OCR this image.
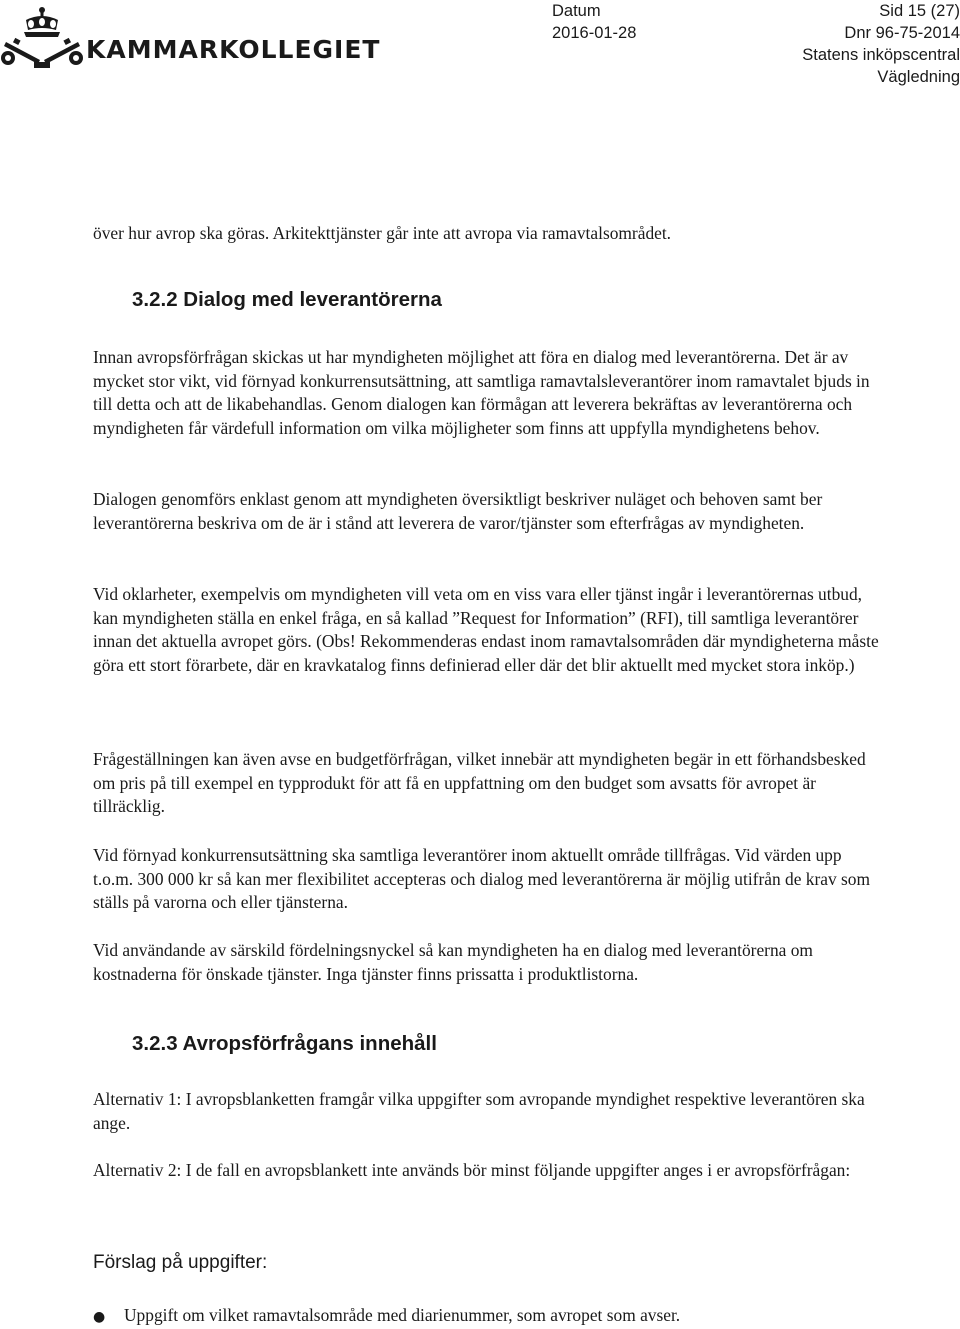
KAMMARKOLLEGIET
Datum
2016-01-28
Sid 15 (27)
Dnr 96-75-2014
Statens inköpscentral
Vägledning

över hur avrop ska göras. Arkitekttjänster går inte att avropa via ramavtalsområdet.

3.2.2 Dialog med leverantörerna

Innan avropsförfrågan skickas ut har myndigheten möjlighet att föra en dialog med leverantörerna. Det är av mycket stor vikt, vid förnyad konkurrensutsättning, att samtliga ramavtalsleverantörer inom ramavtalet bjuds in till detta och att de likabehandlas. Genom dialogen kan förmågan att leverera bekräftas av leverantörerna och myndigheten får värdefull information om vilka möjligheter som finns att uppfylla myndighetens behov.

Dialogen genomförs enklast genom att myndigheten översiktligt beskriver nuläget och behoven samt ber leverantörerna beskriva om de är i stånd att leverera de varor/tjänster som efterfrågas av myndigheten.

Vid oklarheter, exempelvis om myndigheten vill veta om en viss vara eller tjänst ingår i leverantörernas utbud, kan myndigheten ställa en enkel fråga, en så kallad ”Request for Information” (RFI), till samtliga leverantörer innan det aktuella avropet görs. (Obs! Rekommenderas endast inom ramavtalsområden där myndigheterna måste göra ett stort förarbete, där en kravkatalog finns definierad eller där det blir aktuellt med mycket stora inköp.)

Frågeställningen kan även avse en budgetförfrågan, vilket innebär att myndigheten begär in ett förhandsbesked om pris på till exempel en typprodukt för att få en uppfattning om den budget som avsatts för avropet är tillräcklig.

Vid förnyad konkurrensutsättning ska samtliga leverantörer inom aktuellt område tillfrågas. Vid värden upp t.o.m. 300 000 kr så kan mer flexibilitet accepteras och dialog med leverantörerna är möjlig utifrån de krav som ställs på varorna och eller tjänsterna.

Vid användande av särskild fördelningsnyckel så kan myndigheten ha en dialog med leverantörerna om kostnaderna för önskade tjänster. Inga tjänster finns prissatta i produktlistorna.

3.2.3 Avropsförfrågans innehåll

Alternativ 1: I avropsblanketten framgår vilka uppgifter som avropande myndighet respektive leverantören ska ange.

Alternativ 2: I de fall en avropsblankett inte används bör minst följande uppgifter anges i er avropsförfrågan:

Förslag på uppgifter:
● Uppgift om vilket ramavtalsområde med diarienummer, som avropet som avser.
